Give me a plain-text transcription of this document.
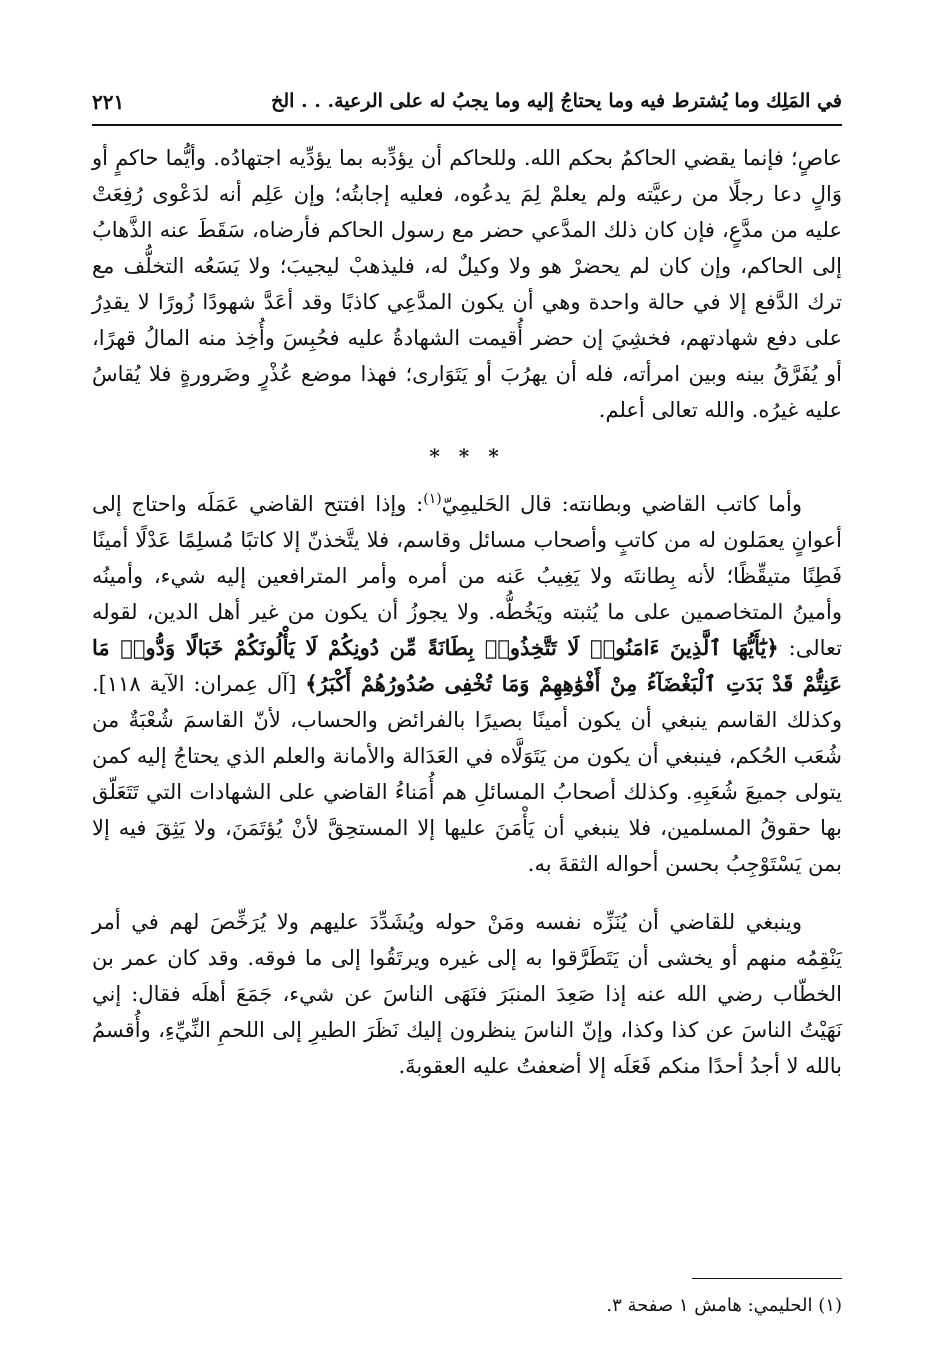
في المَلِك وما يُشترط فيه وما يحتاجُ إليه وما يجبُ له على الرعية. . . الخ
٢٢١

عاصٍ؛ فإنما يقضي الحاكمُ بحكم الله. وللحاكم أن يؤدِّبه بما يؤدِّيه اجتهادُه. وأيُّما حاكمٍ أو وَالٍ دعا رجلًا من رعيَّته ولم يعلمْ لِمَ يدعُوه، فعليه إجابتُه؛ وإن عَلِم أنه لدَعْوى رُفِعَتْ عليه من مدَّعٍ، فإن كان ذلك المدَّعي حضر مع رسول الحاكم فأرضاه، سَقَطَ عنه الذَّهابُ إلى الحاكم، وإن كان لم يحضرْ هو ولا وكيلٌ له، فليذهبْ ليجيبَ؛ ولا يَسَعُه التخلُّف مع ترك الدَّفع إلا في حالة واحدة وهي أن يكون المدَّعِي كاذبًا وقد أعَدَّ شهودًا زُورًا لا يقدِرُ على دفع شهادتهم، فخشِيَ إن حضر أُقيمت الشهادةُ عليه فحُبِسَ وأُخِذ منه المالُ قهرًا، أو يُفَرَّقُ بينه وبين امرأته، فله أن يهرُبَ أو يَتَوَارى؛ فهذا موضع عُذْرٍ وضَرورةٍ فلا يُقاسُ عليه غيرُه. والله تعالى أعلم.

* * *

وأما كاتب القاضي وبطانته: قال الحَليمِيّ$^{(١)}$: وإذا افتتح القاضي عَمَلَه واحتاج إلى أعوانٍ يعمَلون له من كاتبٍ وأصحاب مسائل وقاسم، فلا يتَّخذنّ إلا كاتبًا مُسلِمًا عَدْلًا أمينًا فَطِنًا متيقِّظًا؛ لأنه بِطانتَه ولا يَغِيبُ عَنه من أمره وأمر المترافعين إليه شيء، وأمينُه وأمينُ المتخاصمين على ما يُثبته ويَخُطُّه. ولا يجوزُ أن يكون من غير أهل الدين، لقوله تعالى: ﴿يَٰٓأَيُّهَا ٱلَّذِينَ ءَامَنُوا۟ لَا تَتَّخِذُوا۟ بِطَانَةً مِّن دُونِكُمْ لَا يَأْلُونَكُمْ خَبَالًا وَدُّوا۟ مَا عَنِتُّمْ قَدْ بَدَتِ ٱلْبَغْضَآءُ مِنْ أَفْوَٰهِهِمْ وَمَا تُخْفِى صُدُورُهُمْ أَكْبَرُ﴾ [آل عِمران: الآية ١١٨]. وكذلك القاسم ينبغي أن يكون أمينًا بصيرًا بالفرائض والحساب، لأنّ القاسمَ شُعْبَةٌ من شُعَب الحُكم، فينبغي أن يكون من يَتَوَلَّاه في العَدَالة والأمانة والعلم الذي يحتاجُ إليه كمن يتولى جميعَ شُعَبِهِ. وكذلك أصحابُ المسائلِ هم أُمَناءُ القاضي على الشهادات التي تَتَعَلّق بها حقوقُ المسلمين، فلا ينبغي أن يَأْمَنَ عليها إلا المستحِقَّ لأنْ يُؤتَمَنَ، ولا يَثِقَ فيه إلا بمن يَسْتَوْجِبُ بحسن أحواله الثقةَ به.

وينبغي للقاضي أن يُنَزِّه نفسه ومَنْ حوله ويُشَدِّدَ عليهم ولا يُرَخِّصَ لهم في أمر يَنْقِمُه منهم أو يخشى أن يَتَطَرَّقوا به إلى غيره ويرتَقُوا إلى ما فوقه. وقد كان عمر بن الخطّاب رضي الله عنه إذا صَعِدَ المنبَرَ فنَهَى الناسَ عن شيء، جَمَعَ أهلَه فقال: إني نَهَيْتُ الناسَ عن كذا وكذا، وإنّ الناسَ ينظرون إليك نَظَرَ الطيرِ إلى اللحمِ النِّيِّءِ، وأُقسمُ بالله لا أجدُ أحدًا منكم فَعَلَه إلا أضعفتُ عليه العقوبةَ.

(١) الحليمي: هامش ١ صفحة ٣.
